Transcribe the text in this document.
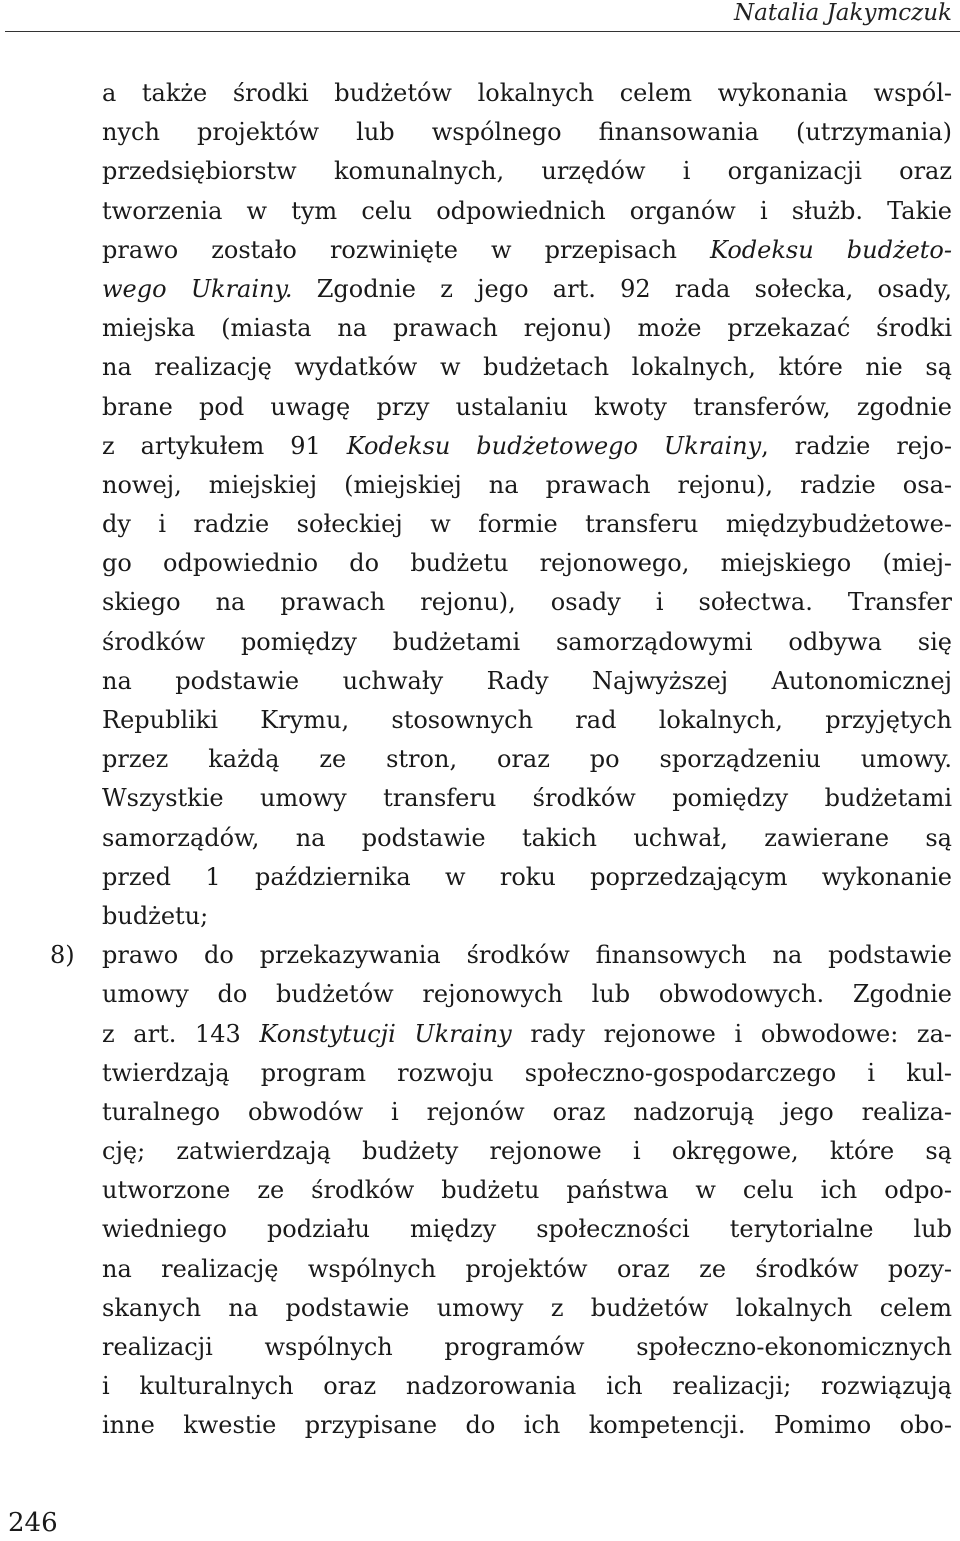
Natalia Jakymczuk
a także środki budżetów lokalnych celem wykonania wspól-
nych projektów lub wspólnego finansowania (utrzymania)
przedsiębiorstw komunalnych, urzędów i organizacji oraz
tworzenia w tym celu odpowiednich organów i służb. Takie
prawo zostało rozwinięte w przepisach Kodeksu budżeto-
wego Ukrainy. Zgodnie z jego art. 92 rada sołecka, osady,
miejska (miasta na prawach rejonu) może przekazać środki
na realizację wydatków w budżetach lokalnych, które nie są
brane pod uwagę przy ustalaniu kwoty transferów, zgodnie
z artykułem 91 Kodeksu budżetowego Ukrainy, radzie rejo-
nowej, miejskiej (miejskiej na prawach rejonu), radzie osa-
dy i radzie sołeckiej w formie transferu międzybudżetowe-
go odpowiednio do budżetu rejonowego, miejskiego (miej-
skiego na prawach rejonu), osady i sołectwa. Transfer
środków pomiędzy budżetami samorządowymi odbywa się
na podstawie uchwały Rady Najwyższej Autonomicznej
Republiki Krymu, stosownych rad lokalnych, przyjętych
przez każdą ze stron, oraz po sporządzeniu umowy.
Wszystkie umowy transferu środków pomiędzy budżetami
samorządów, na podstawie takich uchwał, zawierane są
przed 1 października w roku poprzedzającym wykonanie
budżetu;
8) prawo do przekazywania środków finansowych na podstawie
umowy do budżetów rejonowych lub obwodowych. Zgodnie
z art. 143 Konstytucji Ukrainy rady rejonowe i obwodowe: za-
twierdzają program rozwoju społeczno-gospodarczego i kul-
turalnego obwodów i rejonów oraz nadzorują jego realiza-
cję; zatwierdzają budżety rejonowe i okręgowe, które są
utworzone ze środków budżetu państwa w celu ich odpo-
wiedniego podziału między społeczności terytorialne lub
na realizację wspólnych projektów oraz ze środków pozy-
skanych na podstawie umowy z budżetów lokalnych celem
realizacji wspólnych programów społeczno-ekonomicznych
i kulturalnych oraz nadzorowania ich realizacji; rozwiązują
inne kwestie przypisane do ich kompetencji. Pomimo obo-
246
